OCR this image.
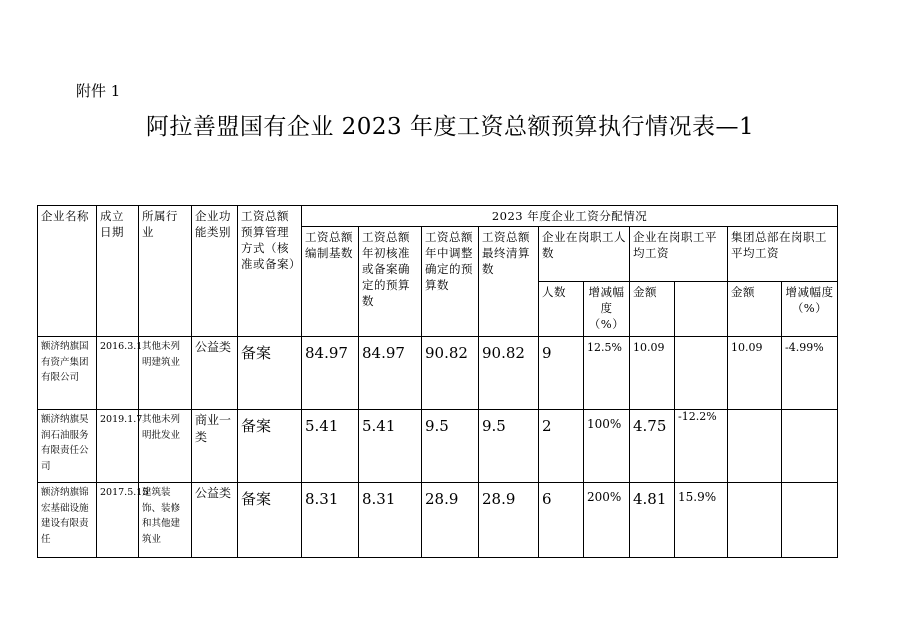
附件 1
阿拉善盟国有企业 2023 年度工资总额预算执行情况表—1
企业名称	成立日期	所属行业	企业功能类别	工资总额预算管理方式（核准或备案）	2023 年度企业工资分配情况									
					工资总额编制基数	工资总额年初核准或备案确定的预算数	工资总额年中调整确定的预算数	工资总额最终清算数	企业在岗职工人数		企业在岗职工平均工资		集团总部在岗职工平均工资	
									人数	增减幅度（%）	金额		金额	增减幅度（%）
额济纳旗国有资产集团有限公司	2016.3.1	其他未列明建筑业	公益类	备案	84.97	84.97	90.82	90.82	9	12.5%	10.09		10.09	-4.99%
额济纳旗昊润石油服务有限责任公司	2019.1.7	其他未列明批发业	商业一类	备案	5.41	5.41	9.5	9.5	2	100%	4.75	-12.2%		
额济纳旗锦宏基础设施建设有限责任	2017.5.15	建筑装饰、装修和其他建筑业	公益类	备案	8.31	8.31	28.9	28.9	6	200%	4.81	15.9%		
